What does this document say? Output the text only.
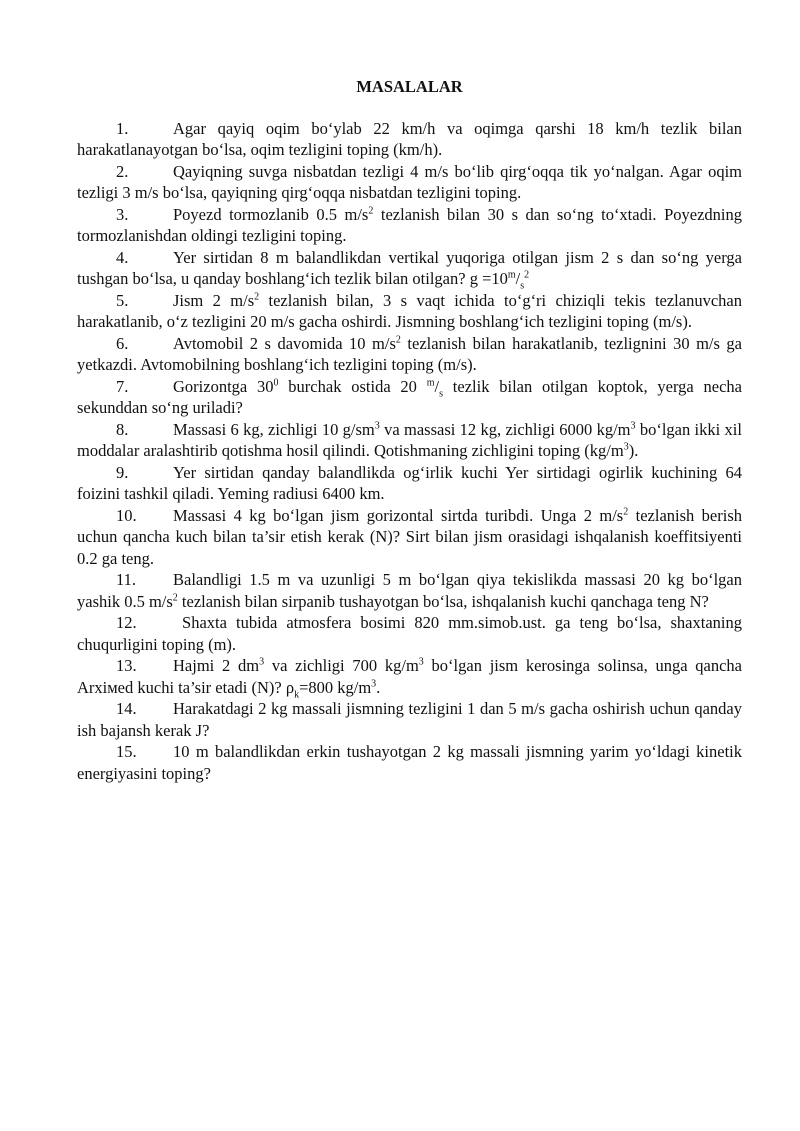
MASALALAR

1.	Agar qayiq oqim bo‘ylab 22 km/h va oqimga qarshi 18 km/h tezlik bilan harakatlanayotgan bo‘lsa, oqim tezligini toping (km/h).

2.	Qayiqning suvga nisbatdan tezligi 4 m/s bo‘lib qirg‘oqqa tik yo‘nalgan. Agar oqim tezligi 3 m/s bo‘lsa, qayiqning qirg‘oqqa nisbatdan tezligini toping.

3.	Poyezd tormozlanib 0.5 $m/s^2$ tezlanish bilan 30 s dan so‘ng to‘xtadi. Poyezdning tormozlanishdan oldingi tezligini toping.

4.	Yer sirtidan 8 m balandlikdan vertikal yuqoriga otilgan jism 2 s dan so‘ng yerga tushgan bo‘lsa, u qanday boshlang‘ich tezlik bilan otilgan? $g =10^m/_s^2$

5.	Jism 2 $m/s^2$ tezlanish bilan, 3 s vaqt ichida to‘g‘ri chiziqli tekis tezlanuvchan harakatlanib, o‘z tezligini 20 m/s gacha oshirdi. Jismning boshlang‘ich tezligini toping (m/s).

6.	Avtomobil 2 s davomida 10 $m/s^2$ tezlanish bilan harakatlanib, tezlignini 30 m/s ga yetkazdi. Avtomobilning boshlang‘ich tezligini toping (m/s).

7.	Gorizontga $30^0$ burchak ostida 20 $^m/_s$ tezlik bilan otilgan koptok, yerga necha sekunddan so‘ng uriladi?

8.	Massasi 6 kg, zichligi 10 $g/sm^3$ va massasi 12 kg, zichligi 6000 $kg/m^3$ bo‘lgan ikki xil moddalar aralashtirib qotishma hosil qilindi. Qotishmaning zichligini toping $(kg/m^3)$.

9.	Yer sirtidan qanday balandlikda og‘irlik kuchi Yer sirtidagi ogirlik kuchining 64 foizini tashkil qiladi. Yeming radiusi 6400 km.

10. Massasi 4 kg bo‘lgan jism gorizontal sirtda turibdi. Unga 2 $m/s^2$ tezlanish berish uchun qancha kuch bilan ta’sir etish kerak (N)? Sirt bilan jism orasidagi ishqalanish koeffitsiyenti 0.2 ga teng.

11. Balandligi 1.5 m va uzunligi 5 m bo‘lgan qiya tekislikda massasi 20 kg bo‘lgan yashik 0.5 $m/s^2$ tezlanish bilan sirpanib tushayotgan bo‘lsa, ishqalanish kuchi qanchaga teng N?

12. Shaxta tubida atmosfera bosimi 820 mm.simob.ust. ga teng bo‘lsa, shaxtaning chuqurligini toping (m).

13. Hajmi 2 $dm^3$ va zichligi 700 $kg/m^3$ bo‘lgan jism kerosinga solinsa, unga qancha Arxiмed kuchi ta’sir etadi (N)? $\rho_k=800$ $kg/m^3$.

14. Harakatdagi 2 kg massali jismning tezligini 1 dan 5 m/s gacha oshirish uchun qanday ish bajansh kerak J?

15. 10 m balandlikdan erkin tushayotgan 2 kg massali jismning yarim yo‘ldagi kinetik energiyasini toping?
